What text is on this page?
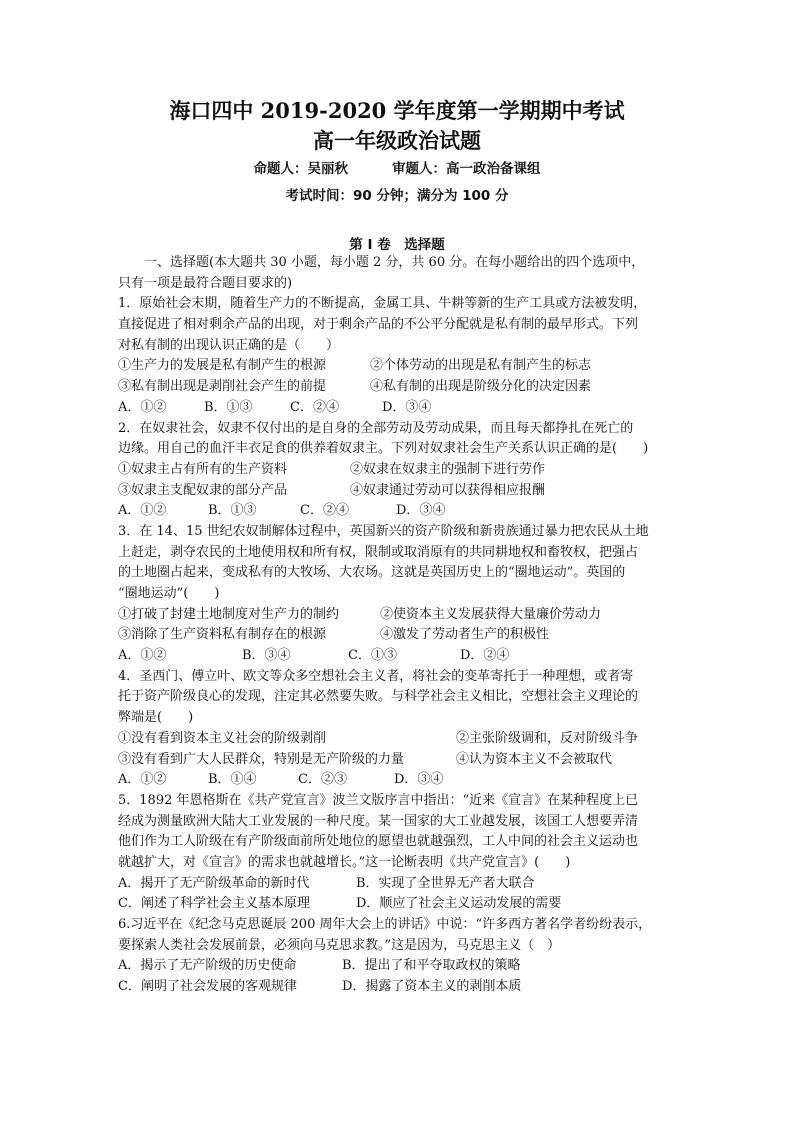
海口四中 2019-2020 学年度第一学期期中考试
高一年级政治试题
命题人：吴丽秋	审题人：高一政治备课组
考试时间：90 分钟；满分为 100 分
第 Ⅰ 卷　选择题
一、选择题(本大题共 30 小题，每小题 2 分，共 60 分。在每小题给出的四个选项中，
只有一项是最符合题目要求的)
1．原始社会末期，随着生产力的不断提高，金属工具、牛耕等新的生产工具或方法被发明，
直接促进了相对剩余产品的出现，对于剩余产品的不公平分配就是私有制的最早形式。下列
对私有制的出现认识正确的是（　　）
①生产力的发展是私有制产生的根源	②个体劳动的出现是私有制产生的标志
③私有制出现是剥削社会产生的前提	④私有制的出现是阶级分化的决定因素
A．①②	B．①③	C．②④	D．③④
2．在奴隶社会，奴隶不仅付出的是自身的全部劳动及劳动成果，而且每天都挣扎在死亡的
边缘。用自己的血汗丰衣足食的供养着奴隶主。下列对奴隶社会生产关系认识正确的是(　　)
①奴隶主占有所有的生产资料	②奴隶在奴隶主的强制下进行劳作
③奴隶主支配奴隶的部分产品	④奴隶通过劳动可以获得相应报酬
A．①②	B．①③	C．②④	D．③④
3．在 14、15 世纪农奴制解体过程中，英国新兴的资产阶级和新贵族通过暴力把农民从土地
上赶走，剥夺农民的土地使用权和所有权，限制或取消原有的共同耕地权和畜牧权，把强占
的土地圈占起来，变成私有的大牧场、大农场。这就是英国历史上的“圈地运动”。英国的
“圈地运动”(　　)
①打破了封建土地制度对生产力的制约	②使资本主义发展获得大量廉价劳动力
③消除了生产资料私有制存在的根源	④激发了劳动者生产的积极性
A．①②	B．③④	C．①③	D．②④
4．圣西门、傅立叶、欧文等众多空想社会主义者，将社会的变革寄托于一种理想，或者寄
托于资产阶级良心的发现，注定其必然要失败。与科学社会主义相比，空想社会主义理论的
弊端是(　　)
①没有看到资本主义社会的阶级剥削	②主张阶级调和，反对阶级斗争
③没有看到广大人民群众，特别是无产阶级的力量	④认为资本主义不会被取代
A．①②	B．①④	C．②③	D．③④
5．1892 年恩格斯在《共产党宣言》波兰文版序言中指出：“近来《宣言》在某种程度上已
经成为测量欧洲大陆大工业发展的一种尺度。某一国家的大工业越发展，该国工人想要弄清
他们作为工人阶级在有产阶级面前所处地位的愿望也就越强烈，工人中间的社会主义运动也
就越扩大，对《宣言》的需求也就越增长。”这一论断表明《共产党宣言》(　　)
A．揭开了无产阶级革命的新时代	B．实现了全世界无产者大联合
C．阐述了科学社会主义基本原理	D．顺应了社会主义运动发展的需要
6.习近平在《纪念马克思诞辰 200 周年大会上的讲话》中说：“许多西方著名学者纷纷表示，
要探索人类社会发展前景，必须向马克思求教。”这是因为，马克思主义（　）
A．揭示了无产阶级的历史使命	B．提出了和平夺取政权的策略
C．阐明了社会发展的客观规律	D．揭露了资本主义的剥削本质
